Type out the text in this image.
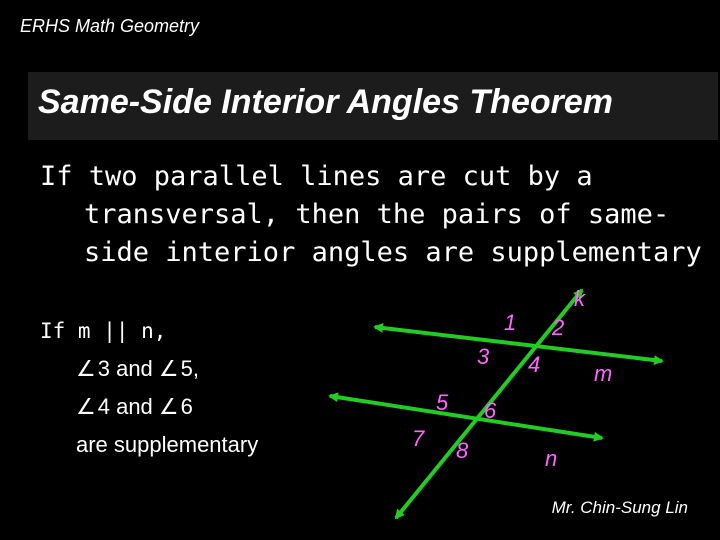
ERHS Math Geometry
Same-Side Interior Angles Theorem
If two parallel lines are cut by a
transversal, then the pairs of same-
side interior angles are supplementary
If m || n,
∠3 and ∠5,
∠4 and ∠6
are supplementary
k
m
n
1 2
3 4
5 6
7 8
Mr. Chin-Sung Lin
